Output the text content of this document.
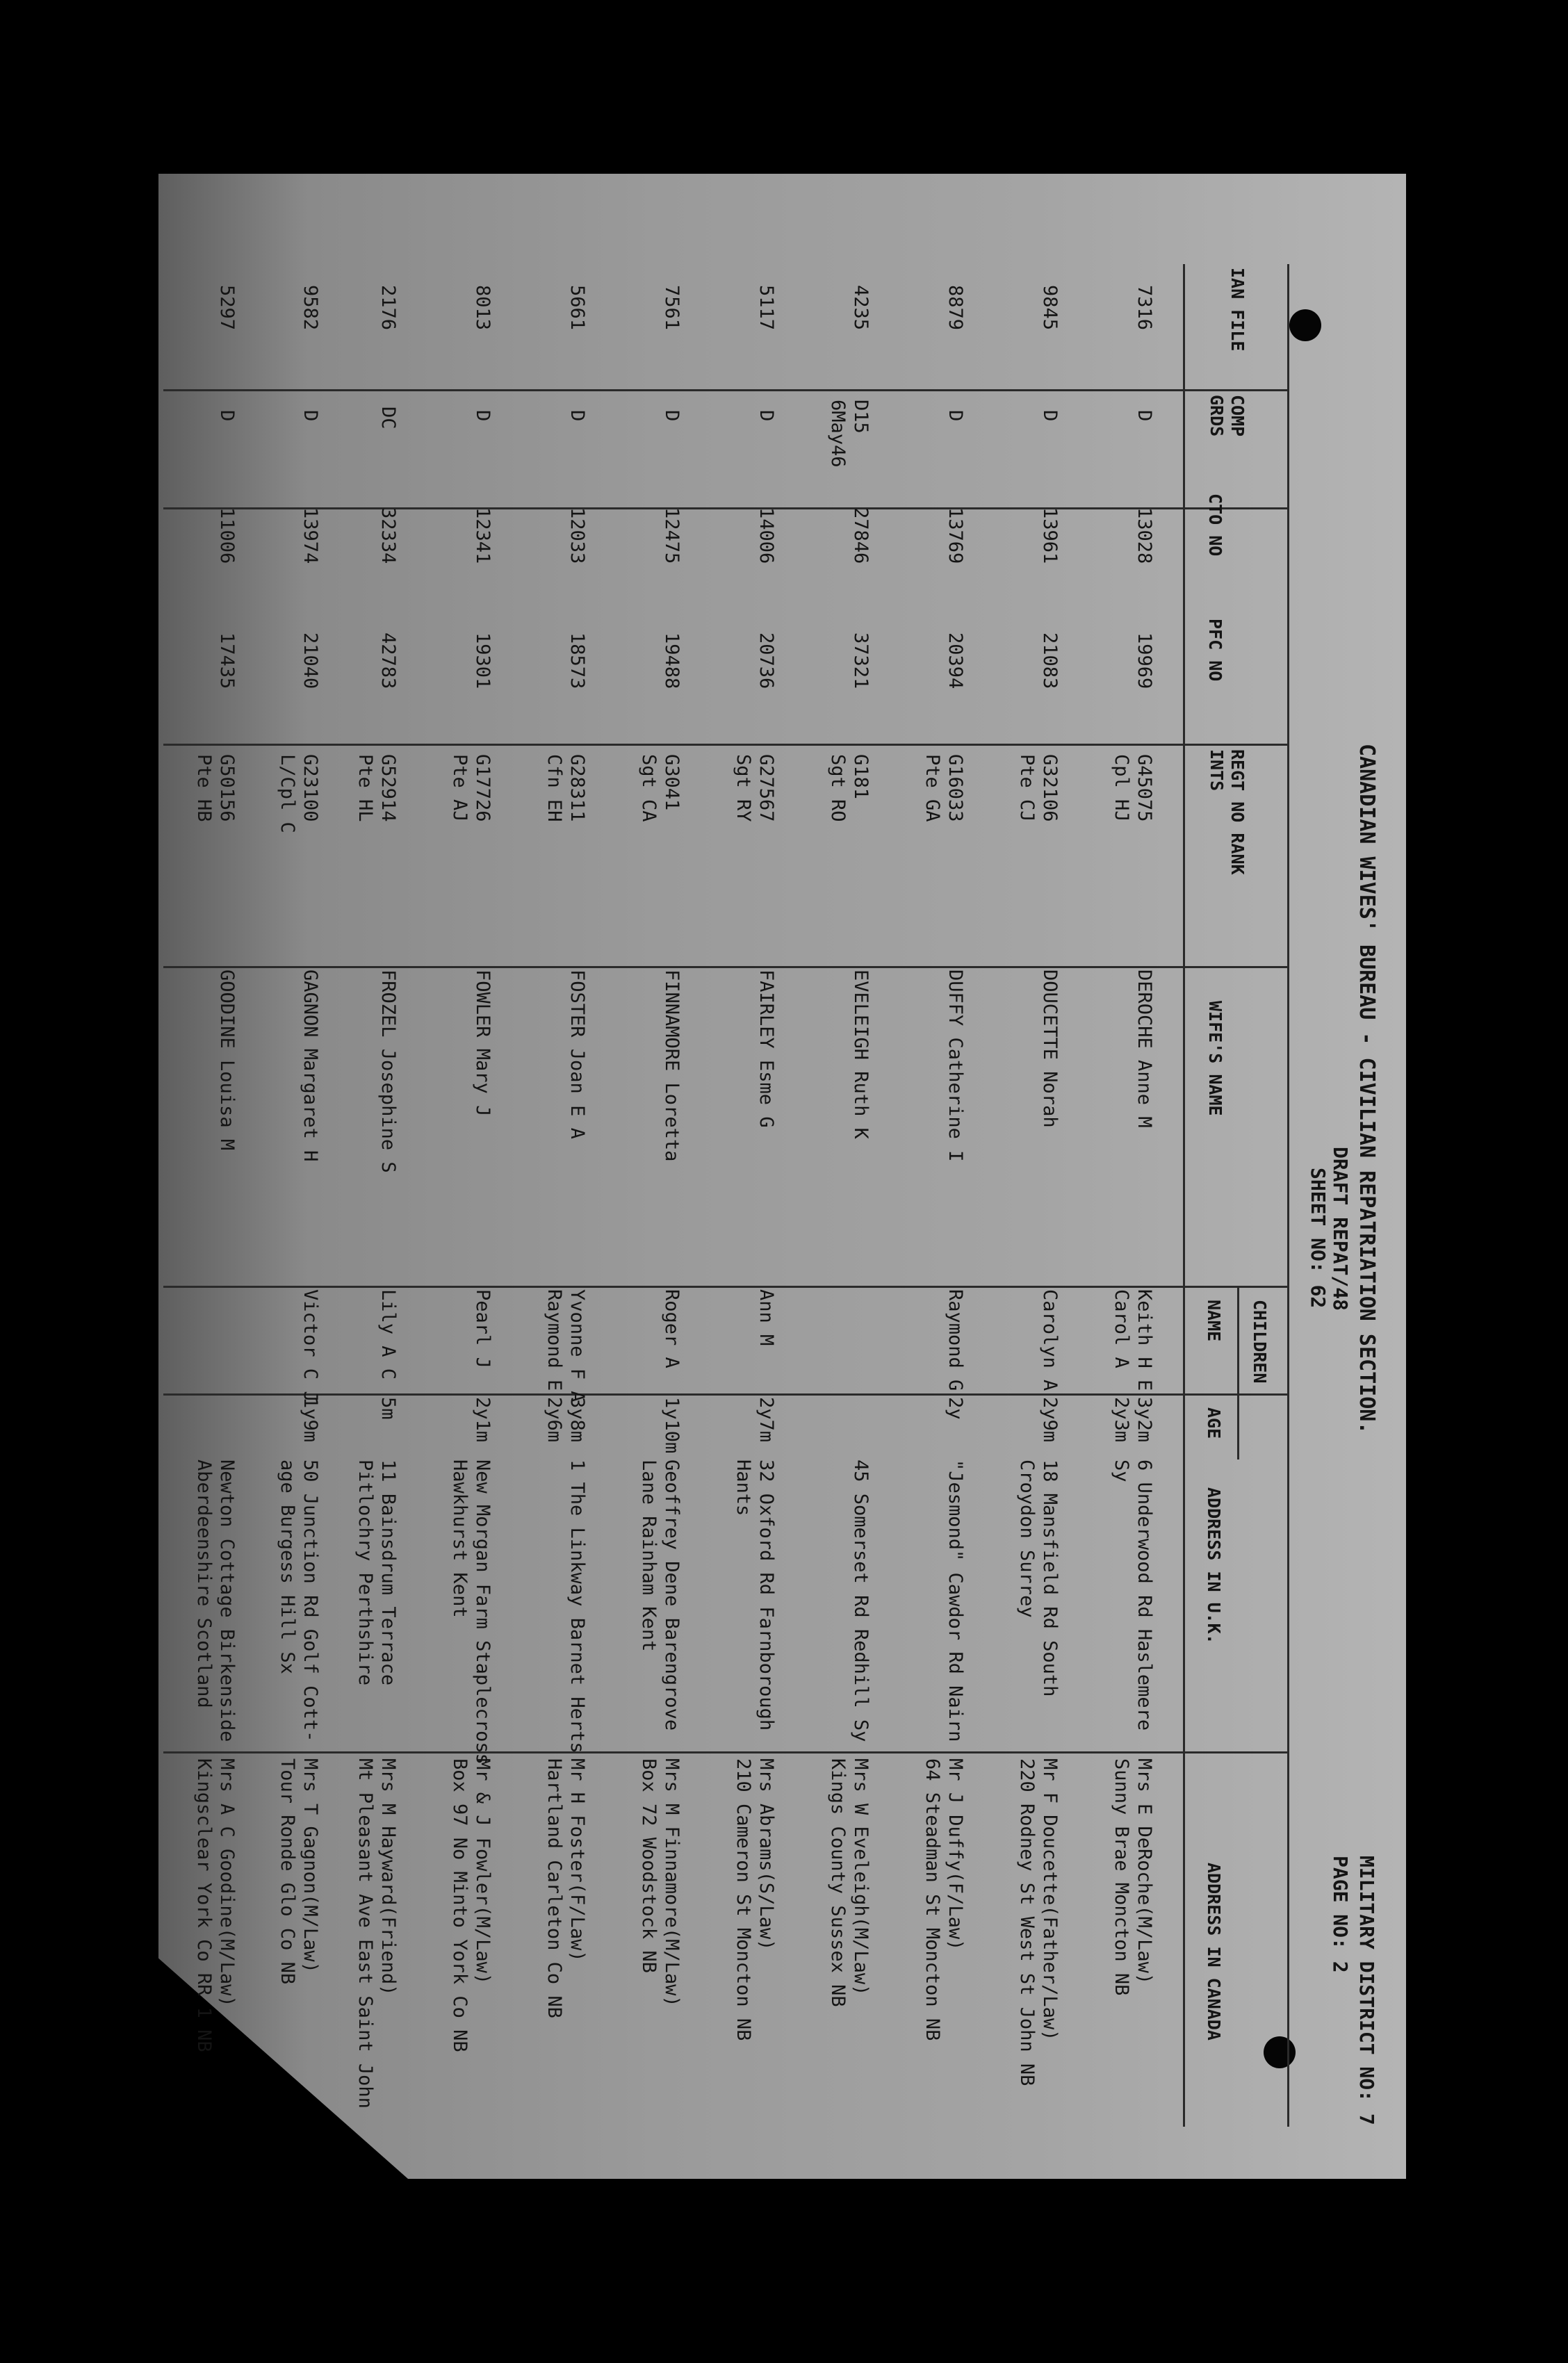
CANADIAN WIVES' BUREAU - CIVILIAN REPATRIATION SECTION.
DRAFT REPAT/48
SHEET NO: 62
MILITARY DISTRICT NO: 7
PAGE NO: 2
IAN FILE
COMP GRDS
CTO NO
PFC NO
REGT NO RANK INTS
WIFE'S NAME
CHILDREN
NAME
AGE
ADDRESS IN U.K.
ADDRESS IN CANADA
7316
D
13028
19969
G45075
Cpl HJ
DEROCHE Anne M
Keith H E
Carol A
3y2m
2y3m
6 Underwood Rd Haslemere
Sy
Mrs E DeRoche(M/Law)
Sunny Brae Moncton NB
9845
D
13961
21083
G32106
Pte CJ
DOUCETTE Norah
Carolyn A
2y9m
18 Mansfield Rd South
Croydon Surrey
Mr F Doucette(Father/Law)
220 Rodney St West St John NB
8879
D
13769
20394
G16033
Pte GA
DUFFY Catherine I
Raymond G
2y
"Jesmond" Cawdor Rd Nairn
Mr J Duffy(F/Law)
64 Steadman St Moncton NB
4235
D15
6May46
27846
37321
G181
Sgt RO
EVELEIGH Ruth K
45 Somerset Rd Redhill Sy
Mrs W Eveleigh(M/Law)
Kings County Sussex NB
5117
D
14006
20736
G27567
Sgt RY
FAIRLEY Esme G
Ann M
2y7m
32 Oxford Rd Farnborough
Hants
Mrs Abrams(S/Law)
210 Cameron St Moncton NB
7561
D
12475
19488
G3041
Sgt CA
FINNAMORE Loretta
Roger A
1y10m
Geoffrey Dene Barengrove
Lane Rainham Kent
Mrs M Finnamore(M/Law)
Box 72 Woodstock NB
5661
D
12033
18573
G28311
Cfn EH
FOSTER Joan E A
Yvonne F A
Raymond E
3y8m
2y6m
1 The Linkway Barnet Herts
Mr H Foster(F/Law)
Hartland Carleton Co NB
8013
D
12341
19301
G17726
Pte AJ
FOWLER Mary J
Pearl J
2y1m
New Morgan Farm Staplecross
Hawkhurst Kent
Mr & J Fowler(M/Law)
Box 97 No Minto York Co NB
2176
DC
32334
42783
G52914
Pte HL
FROZEL Josephine S
Lily A C
5m
11 Bainsdrum Terrace
Pitlochry Perthshire
Mrs M Hayward(Friend)
Mt Pleasant Ave East Saint John
9582
D
13974
21040
G23100
L/Cpl C
GAGNON Margaret H
Victor C J
1y9m
50 Junction Rd Golf Cott-
age Burgess Hill Sx
Mrs T Gagnon(M/Law)
Tour Ronde Glo Co NB
5297
D
11006
17435
G50156
Pte HB
GOODINE Louisa M
Newton Cottage Birkenside
Aberdeenshire Scotland
Mrs A C Goodine(M/Law)
Kingsclear York Co RR 1 NB
